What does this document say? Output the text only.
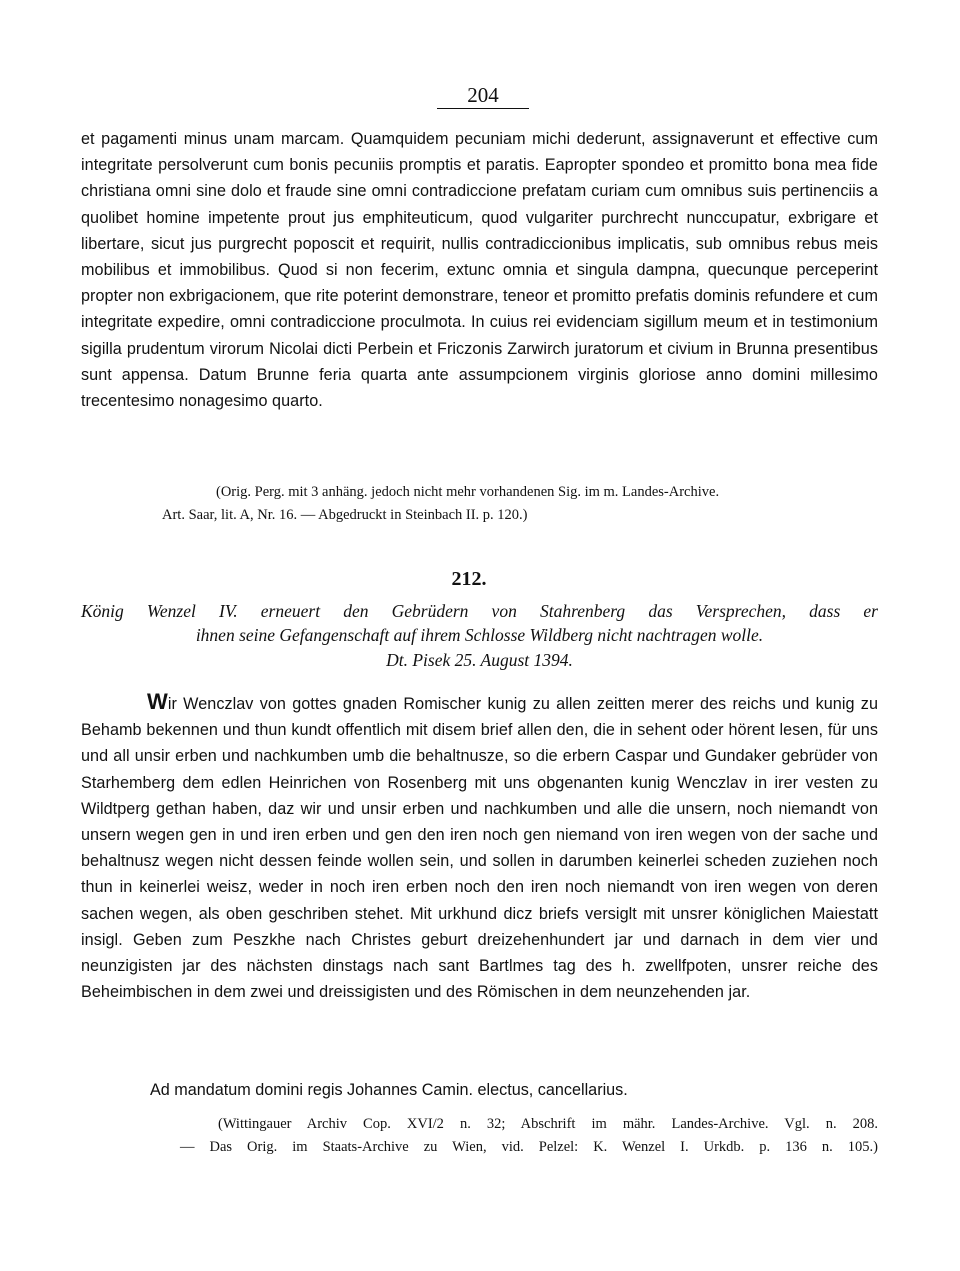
204

et pagamenti minus unam marcam. Quamquidem pecuniam michi dederunt, assignaverunt et effective cum integritate persolverunt cum bonis pecuniis promptis et paratis. Eapropter spondeo et promitto bona mea fide christiana omni sine dolo et fraude sine omni contradiccione prefatam curiam cum omnibus suis pertinenciis a quolibet homine impetente prout jus emphiteuticum, quod vulgariter purchrecht nunccupatur, exbrigare et libertare, sicut jus purgrecht poposcit et requirit, nullis contradiccionibus implicatis, sub omnibus rebus meis mobilibus et immobilibus. Quod si non fecerim, extunc omnia et singula dampna, quecunque perceperint propter non exbrigacionem, que rite poterint demonstrare, teneor et promitto prefatis dominis refundere et cum integritate expedire, omni contradiccione proculmota. In cuius rei evidenciam sigillum meum et in testimonium sigilla prudentum virorum Nicolai dicti Perbein et Friczonis Zarwirch juratorum et civium in Brunna presentibus sunt appensa. Datum Brunne feria quarta ante assumpcionem virginis gloriose anno domini millesimo trecentesimo nonagesimo quarto.

(Orig. Perg. mit 3 anhäng. jedoch nicht mehr vorhandenen Sig. im m. Landes-Archive.
Art. Saar, lit. A, Nr. 16. — Abgedruckt in Steinbach II. p. 120.)
212.
König Wenzel IV. erneuert den Gebrüdern von Stahrenberg das Versprechen, dass er
ihnen seine Gefangenschaft auf ihrem Schlosse Wildberg nicht nachtragen wolle.
Dt. Pisek 25. August 1394.

Wir Wenczlav von gottes gnaden Romischer kunig zu allen zeitten merer des reichs und kunig zu Behamb bekennen und thun kundt offentlich mit disem brief allen den, die in sehent oder hörent lesen, für uns und all unsir erben und nachkumben umb die behaltnusze, so die erbern Caspar und Gundaker gebrüder von Starhemberg dem edlen Heinrichen von Rosenberg mit uns obgenanten kunig Wenczlav in irer vesten zu Wildtperg gethan haben, daz wir und unsir erben und nachkumben und alle die unsern, noch niemandt von unsern wegen gen in und iren erben und gen den iren noch gen niemand von iren wegen von der sache und behaltnusz wegen nicht dessen feinde wollen sein, und sollen in darumben keinerlei scheden zuziehen noch thun in keinerlei weisz, weder in noch iren erben noch den iren noch niemandt von iren wegen von deren sachen wegen, als oben geschriben stehet. Mit urkhund dicz briefs versiglt mit unsrer königlichen Maiestatt insigl. Geben zum Peszkhe nach Christes geburt dreizehenhundert jar und darnach in dem vier und neunzigisten jar des nächsten dinstags nach sant Bartlmes tag des h. zwellfpoten, unsrer reiche des Beheimbischen in dem zwei und dreissigisten und des Römischen in dem neunzehenden jar.

Ad mandatum domini regis Johannes Camin. electus, cancellarius.
(Wittingauer Archiv Cop. XVI/2 n. 32; Abschrift im mähr. Landes-Archive. Vgl. n. 208.
— Das Orig. im Staats-Archive zu Wien, vid. Pelzel: K. Wenzel I. Urkdb. p. 136 n. 105.)
